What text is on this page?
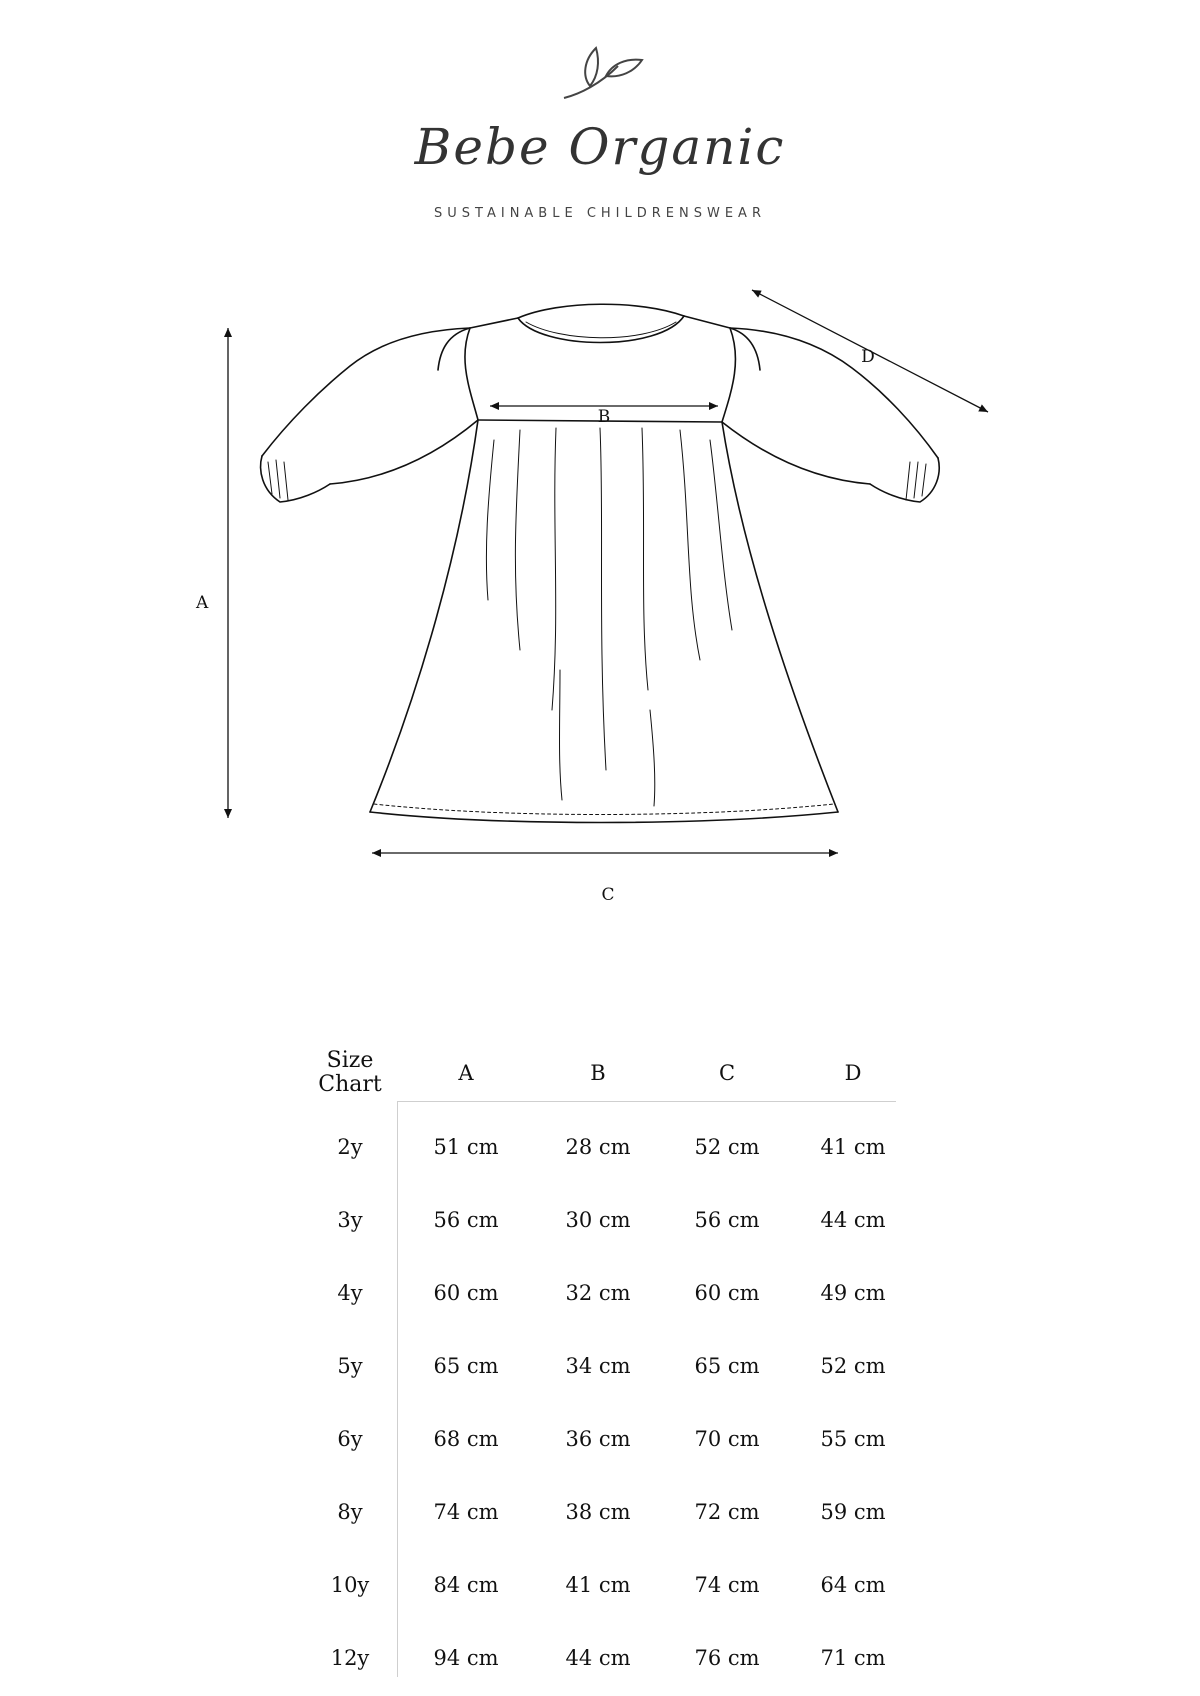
Bebe Organic
SUSTAINABLE CHILDRENSWEAR
A
B
C
D
Size
Chart	A	B	C	D
2y	51 cm	28 cm	52 cm	41 cm
3y	56 cm	30 cm	56 cm	44 cm
4y	60 cm	32 cm	60 cm	49 cm
5y	65 cm	34 cm	65 cm	52 cm
6y	68 cm	36 cm	70 cm	55 cm
8y	74 cm	38 cm	72 cm	59 cm
10y	84 cm	41 cm	74 cm	64 cm
12y	94 cm	44 cm	76 cm	71 cm
